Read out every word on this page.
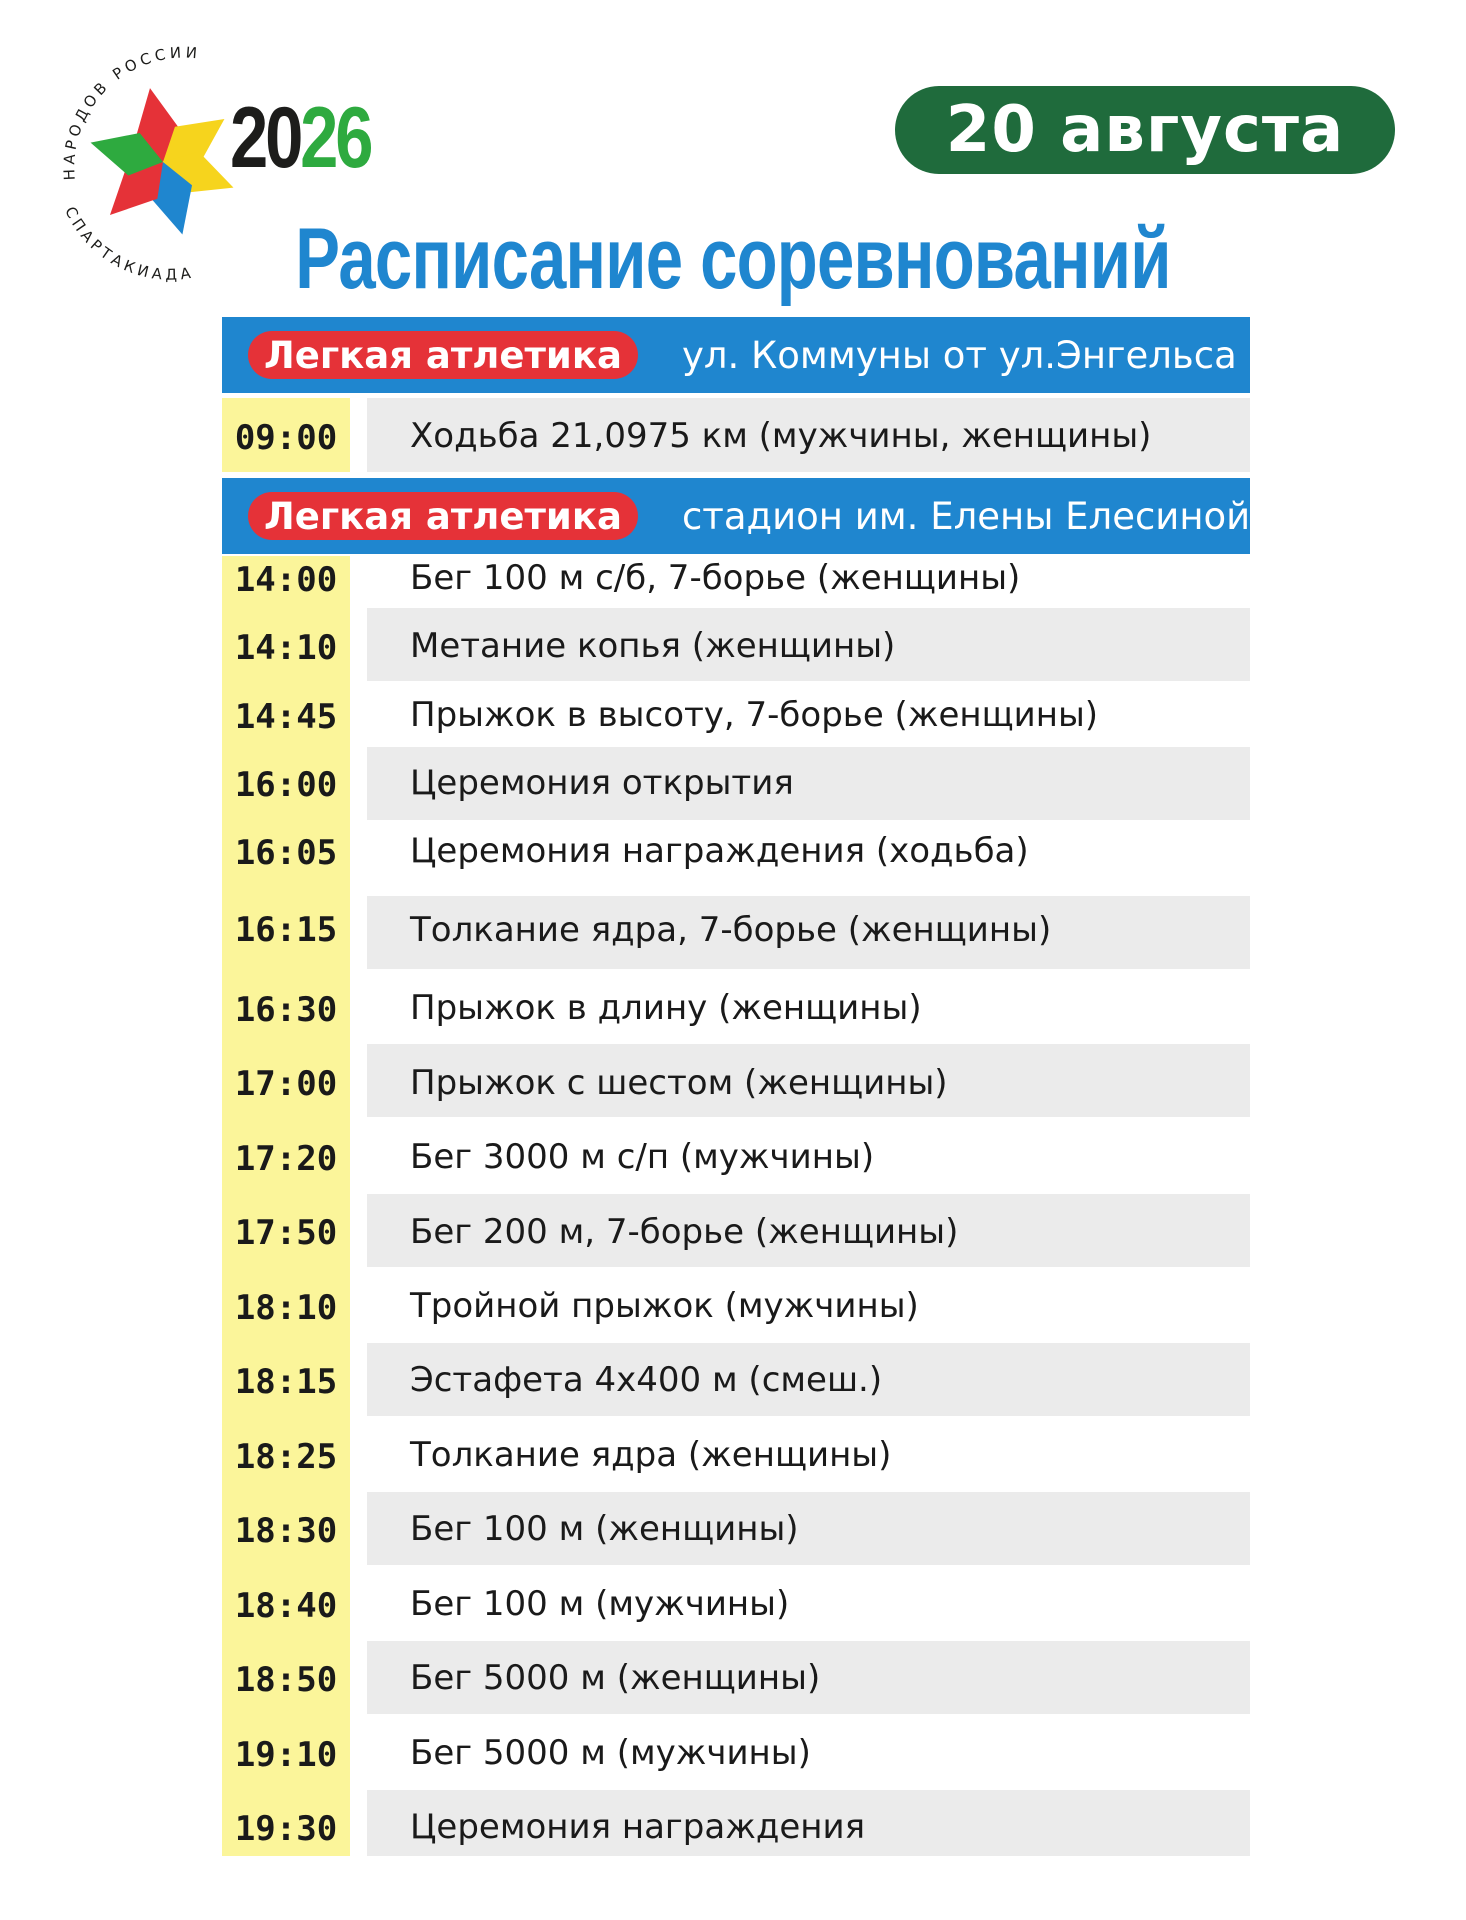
НАРОДОВ РОССИИ
СПАРТАКИАДА
2026	20 августа
Расписание соревнований
Легкая атлетика	ул. Коммуны от ул.Энгельса
09:00	Ходьба 21,0975 км (мужчины, женщины)
Легкая атлетика	стадион им. Елены Елесиной
14:00	Бег 100 м с/б, 7-борье (женщины)
14:10	Метание копья (женщины)
14:45	Прыжок в высоту, 7-борье (женщины)
16:00	Церемония открытия
16:05	Церемония награждения (ходьба)
16:15	Толкание ядра, 7-борье (женщины)
16:30	Прыжок в длину (женщины)
17:00	Прыжок с шестом (женщины)
17:20	Бег 3000 м с/п (мужчины)
17:50	Бег 200 м, 7-борье (женщины)
18:10	Тройной прыжок (мужчины)
18:15	Эстафета 4х400 м (смеш.)
18:25	Толкание ядра (женщины)
18:30	Бег 100 м (женщины)
18:40	Бег 100 м (мужчины)
18:50	Бег 5000 м (женщины)
19:10	Бег 5000 м (мужчины)
19:30	Церемония награждения
